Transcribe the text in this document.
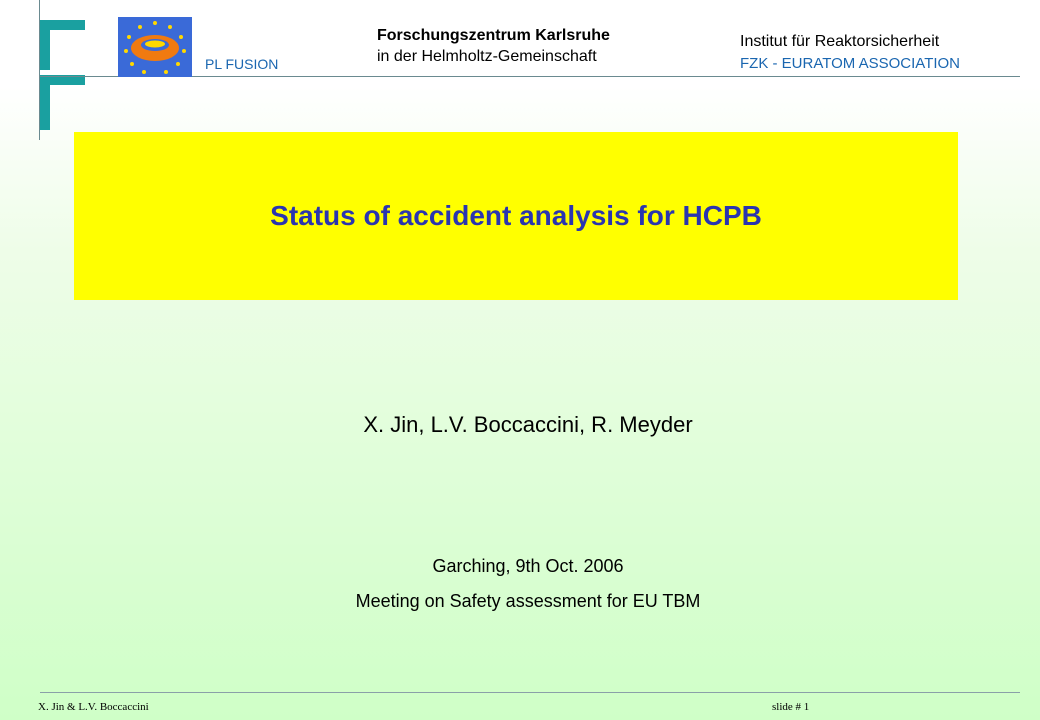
PL FUSION
Forschungszentrum Karlsruhe
in der Helmholtz-Gemeinschaft
Institut für Reaktorsicherheit
FZK - EURATOM ASSOCIATION
Status of accident analysis for HCPB
X. Jin, L.V. Boccaccini, R. Meyder
Garching, 9th Oct. 2006
Meeting on Safety assessment for EU TBM
X. Jin & L.V. Boccaccini	slide # 1
